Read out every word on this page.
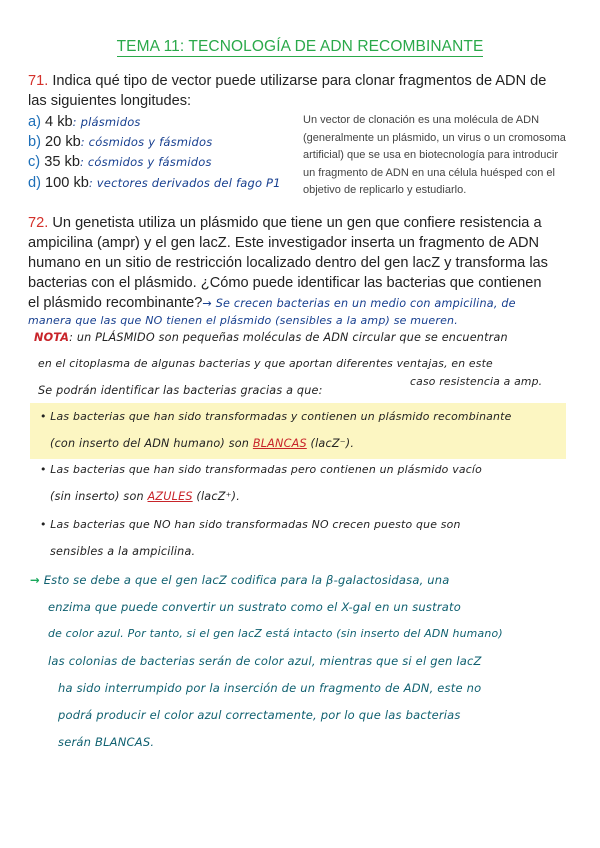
TEMA 11: TECNOLOGÍA DE ADN RECOMBINANTE
71. Indica qué tipo de vector puede utilizarse para clonar fragmentos de ADN de
las siguientes longitudes:
a) 4 kb: plásmidos
b) 20 kb: cósmidos y fásmidos
c) 35 kb: cósmidos y fásmidos
d) 100 kb: vectores derivados del fago P1
Un vector de clonación es una molécula de ADN
(generalmente un plásmido, un virus o un cromosoma
artificial) que se usa en biotecnología para introducir
un fragmento de ADN en una célula huésped con el
objetivo de replicarlo y estudiarlo.
72. Un genetista utiliza un plásmido que tiene un gen que confiere resistencia a
ampicilina (ampr) y el gen lacZ. Este investigador inserta un fragmento de ADN
humano en un sitio de restricción localizado dentro del gen lacZ y transforma las
bacterias con el plásmido. ¿Cómo puede identificar las bacterias que contienen
el plásmido recombinante?→ Se crecen bacterias en un medio con ampicilina, de
manera que las que NO tienen el plásmido (sensibles a la amp) se mueren.
NOTA: un PLÁSMIDO son pequeñas moléculas de ADN circular que se encuentran
en el citoplasma de algunas bacterias y que aportan diferentes ventajas, en este
caso resistencia a amp.
Se podrán identificar las bacterias gracias a que:
• Las bacterias que han sido transformadas y contienen un plásmido recombinante
(con inserto del ADN humano) son BLANCAS (lacZ⁻).
• Las bacterias que han sido transformadas pero contienen un plásmido vacío
(sin inserto) son AZULES (lacZ⁺).
• Las bacterias que NO han sido transformadas NO crecen puesto que son
sensibles a la ampicilina.
→ Esto se debe a que el gen lacZ codifica para la β-galactosidasa, una
enzima que puede convertir un sustrato como el X-gal en un sustrato
de color azul. Por tanto, si el gen lacZ está intacto (sin inserto del ADN humano)
las colonias de bacterias serán de color azul, mientras que si el gen lacZ
ha sido interrumpido por la inserción de un fragmento de ADN, este no
podrá producir el color azul correctamente, por lo que las bacterias
serán BLANCAS.
